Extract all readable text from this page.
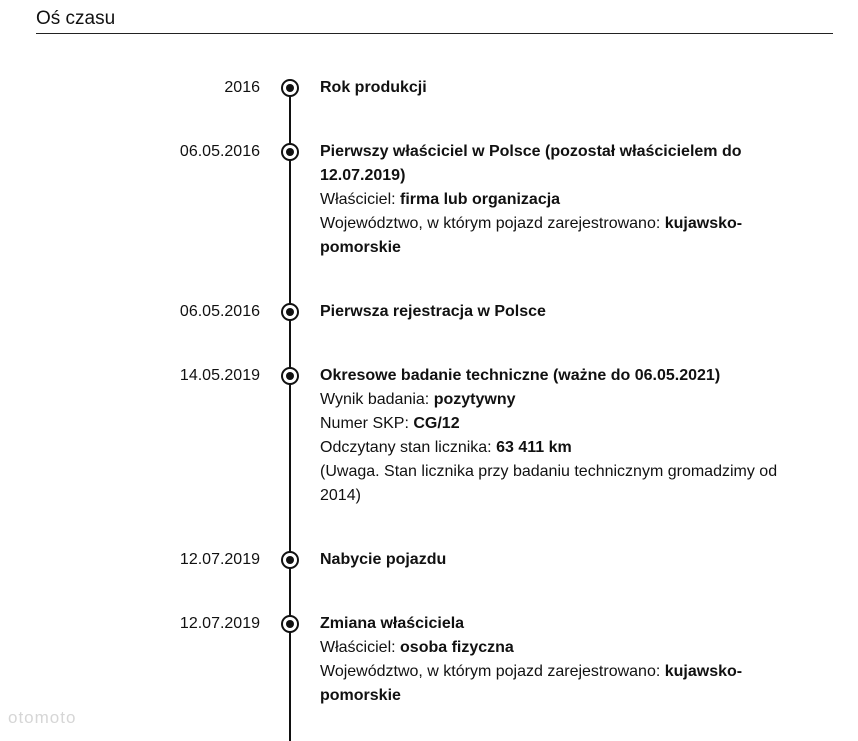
Oś czasu
2016	Rok produkcji
06.05.2016	Pierwszy właściciel w Polsce (pozostał właścicielem do
12.07.2019)
Właściciel: firma lub organizacja
Województwo, w którym pojazd zarejestrowano: kujawsko-
pomorskie
06.05.2016	Pierwsza rejestracja w Polsce
14.05.2019	Okresowe badanie techniczne (ważne do 06.05.2021)
Wynik badania: pozytywny
Numer SKP: CG/12
Odczytany stan licznika: 63 411 km
(Uwaga. Stan licznika przy badaniu technicznym gromadzimy od
2014)
12.07.2019	Nabycie pojazdu
12.07.2019	Zmiana właściciela
Właściciel: osoba fizyczna
Województwo, w którym pojazd zarejestrowano: kujawsko-
pomorskie
otomoto
